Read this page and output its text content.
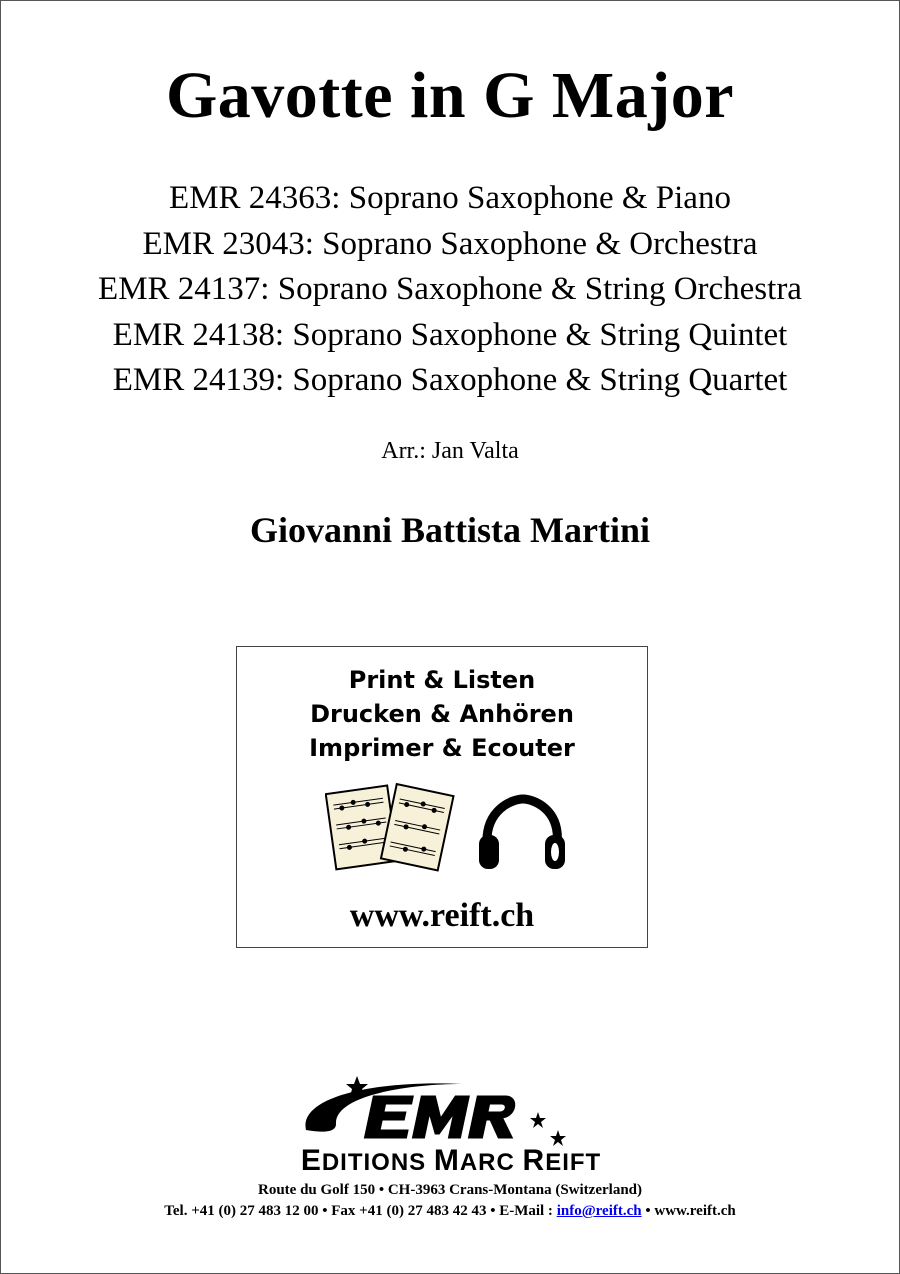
Gavotte in G Major
EMR 24363: Soprano Saxophone & Piano
EMR 23043: Soprano Saxophone & Orchestra
EMR 24137: Soprano Saxophone & String Orchestra
EMR 24138: Soprano Saxophone & String Quintet
EMR 24139: Soprano Saxophone & String Quartet
Arr.: Jan Valta
Giovanni Battista Martini
Print & Listen
Drucken & Anhören
Imprimer & Ecouter
www.reift.ch
EDITIONS MARC REIFT
Route du Golf 150 • CH-3963 Crans-Montana (Switzerland)
Tel. +41 (0) 27 483 12 00 • Fax +41 (0) 27 483 42 43 • E-Mail : info@reift.ch • www.reift.ch
